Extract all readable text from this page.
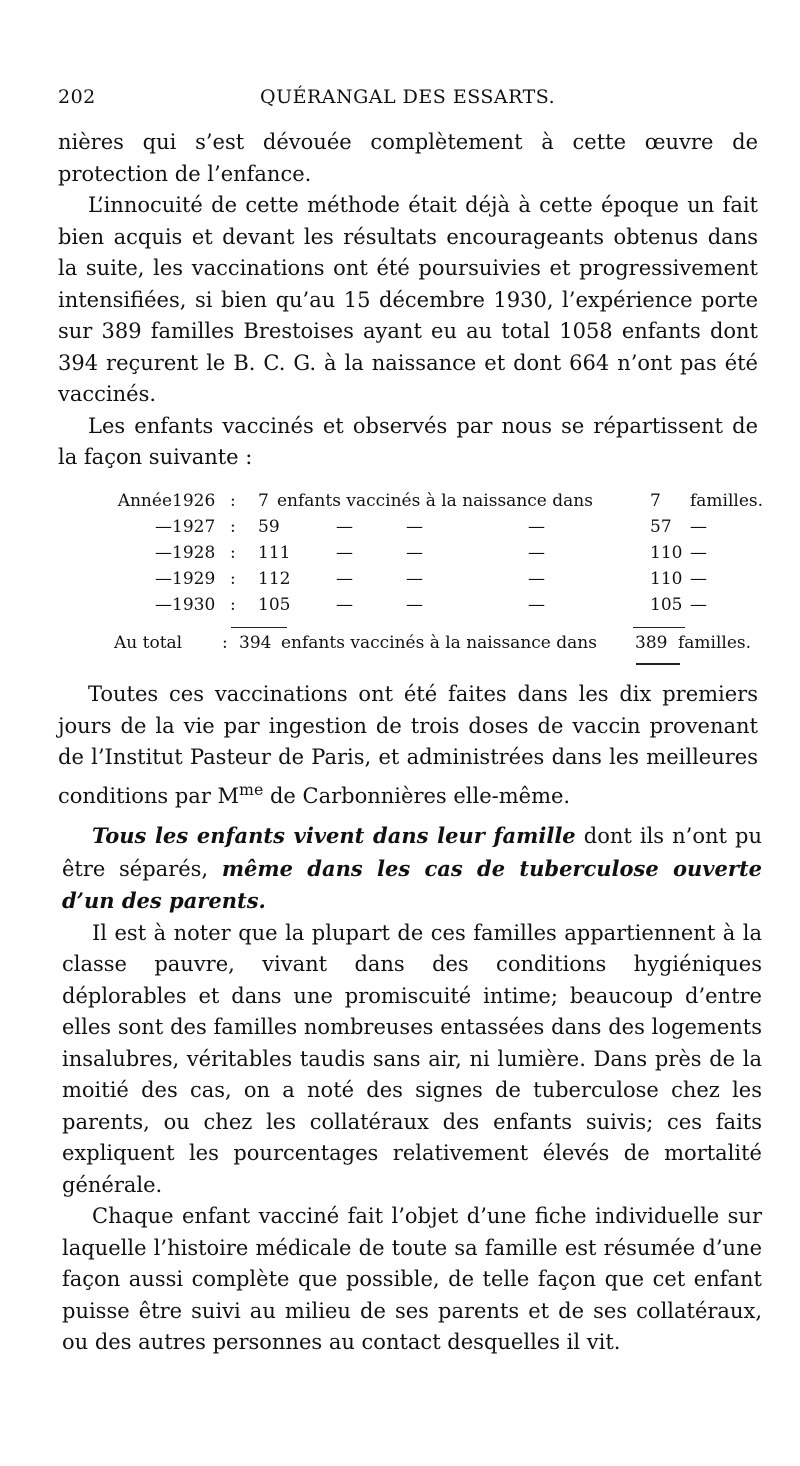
202	QUÉRANGAL DES ESSARTS.

nières qui s’est dévouée complètement à cette œuvre de protection de l’enfance.

L’innocuité de cette méthode était déjà à cette époque un fait bien acquis et devant les résultats encourageants obtenus dans la suite, les vaccinations ont été poursuivies et progressivement intensifiées, si bien qu’au 15 décembre 1930, l’expérience porte sur 389 familles Brestoises ayant eu au total 1058 enfants dont 394 reçurent le B. C. G. à la naissance et dont 664 n’ont pas été vaccinés.

Les enfants vaccinés et observés par nous se répartissent de la façon suivante :

Année 1926 : 7 enfants vaccinés à la naissance dans	7	familles.
— 1927 : 59	—	—	—	57	—
— 1928 : 111	—	—	—	110 —
— 1929 : 112	—	—	—	110 —
— 1930 : 105	—	—	—	105 —
Au total	: 394 enfants vaccinés à la naissance dans 389 familles.

Toutes ces vaccinations ont été faites dans les dix premiers jours de la vie par ingestion de trois doses de vaccin provenant de l’Institut Pasteur de Paris, et administrées dans les meilleures conditions par $M^{me}$ de Carbonnières elle-même.

Tous les enfants vivent dans leur famille dont ils n’ont pu être séparés, même dans les cas de tuberculose ouverte d’un des parents.

Il est à noter que la plupart de ces familles appartiennent à la classe pauvre, vivant dans des conditions hygiéniques déplorables et dans une promiscuité intime; beaucoup d’entre elles sont des familles nombreuses entassées dans des logements insalubres, véritables taudis sans air, ni lumière. Dans près de la moitié des cas, on a noté des signes de tuberculose chez les parents, ou chez les collatéraux des enfants suivis; ces faits expliquent les pourcentages relativement élevés de mortalité générale.

Chaque enfant vacciné fait l’objet d’une fiche individuelle sur laquelle l’histoire médicale de toute sa famille est résumée d’une façon aussi complète que possible, de telle façon que cet enfant puisse être suivi au milieu de ses parents et de ses collatéraux, ou des autres personnes au contact desquelles il vit.
